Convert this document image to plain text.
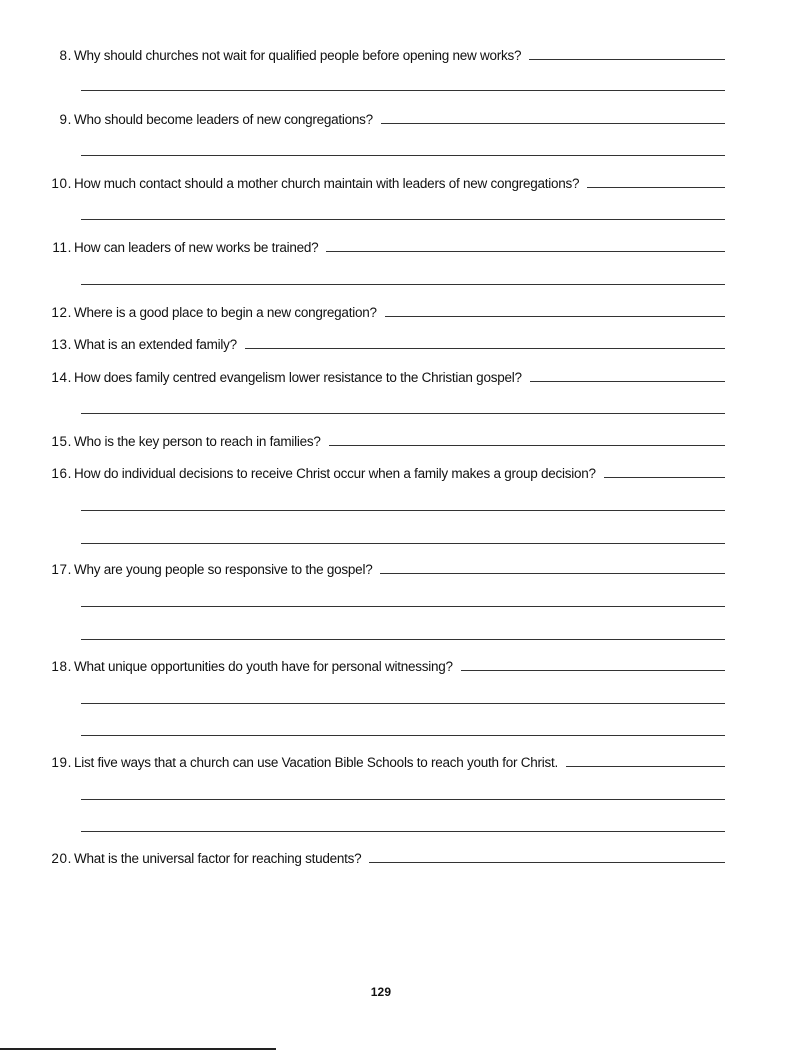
8. Why should churches not wait for qualified people before opening new works?
9. Who should become leaders of new congregations?
10. How much contact should a mother church maintain with leaders of new congregations?
11. How can leaders of new works be trained?
12. Where is a good place to begin a new congregation?
13. What is an extended family?
14. How does family centred evangelism lower resistance to the Christian gospel?
15. Who is the key person to reach in families?
16. How do individual decisions to receive Christ occur when a family makes a group decision?
17. Why are young people so responsive to the gospel?
18. What unique opportunities do youth have for personal witnessing?
19. List five ways that a church can use Vacation Bible Schools to reach youth for Christ.
20. What is the universal factor for reaching students?
129
